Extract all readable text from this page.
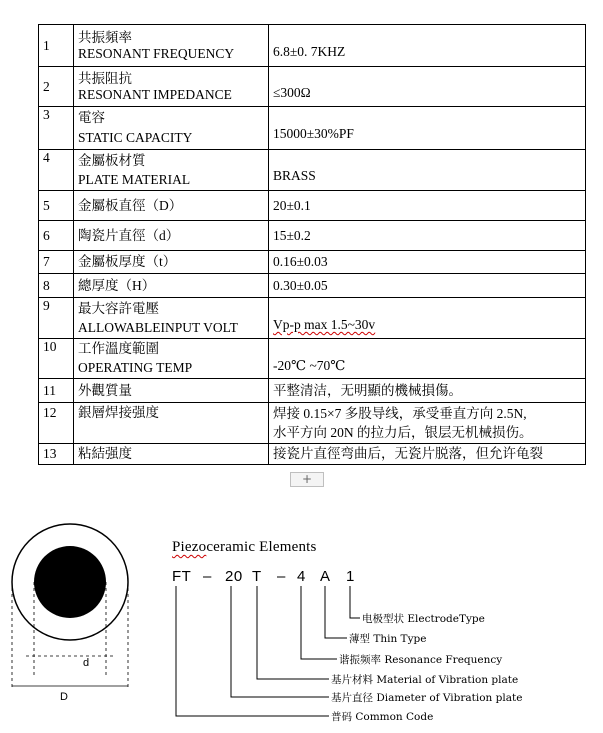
1	共振頻率
RESONANT FREQUENCY	6.8±0. 7KHZ
2	共振阻抗
RESONANT IMPEDANCE	≤300Ω
3	電容
STATIC CAPACITY	15000±30%PF
4	金屬板材質
PLATE MATERIAL	BRASS
5	金屬板直徑（D）	20±0.1
6	陶瓷片直徑（d）	15±0.2
7	金屬板厚度（t）	0.16±0.03
8	總厚度（H）	0.30±0.05
9	最大容許電壓
ALLOWABLEINPUT VOLT	Vp-p max 1.5~30v
10	工作溫度範圍
OPERATING TEMP	-20℃ ~70℃
11	外觀質量	平整清洁，无明顯的機械損傷。
12	銀層焊接强度	焊接 0.15×7 多股导线，承受垂直方向 2.5N,
水平方向 20N 的拉力后，银层无机械损伤。

13	粘結强度	接瓷片直徑弯曲后，无瓷片脱落，但允许龟裂
+
d
D
Piezoceramic Elements
FT – 20 T – 4 A 1
电极型状 ElectrodeType
薄型 Thin Type
谐振频率 Resonance Frequency
基片材料 Material of Vibration plate
基片直径 Diameter of Vibration plate
普码 Common Code
